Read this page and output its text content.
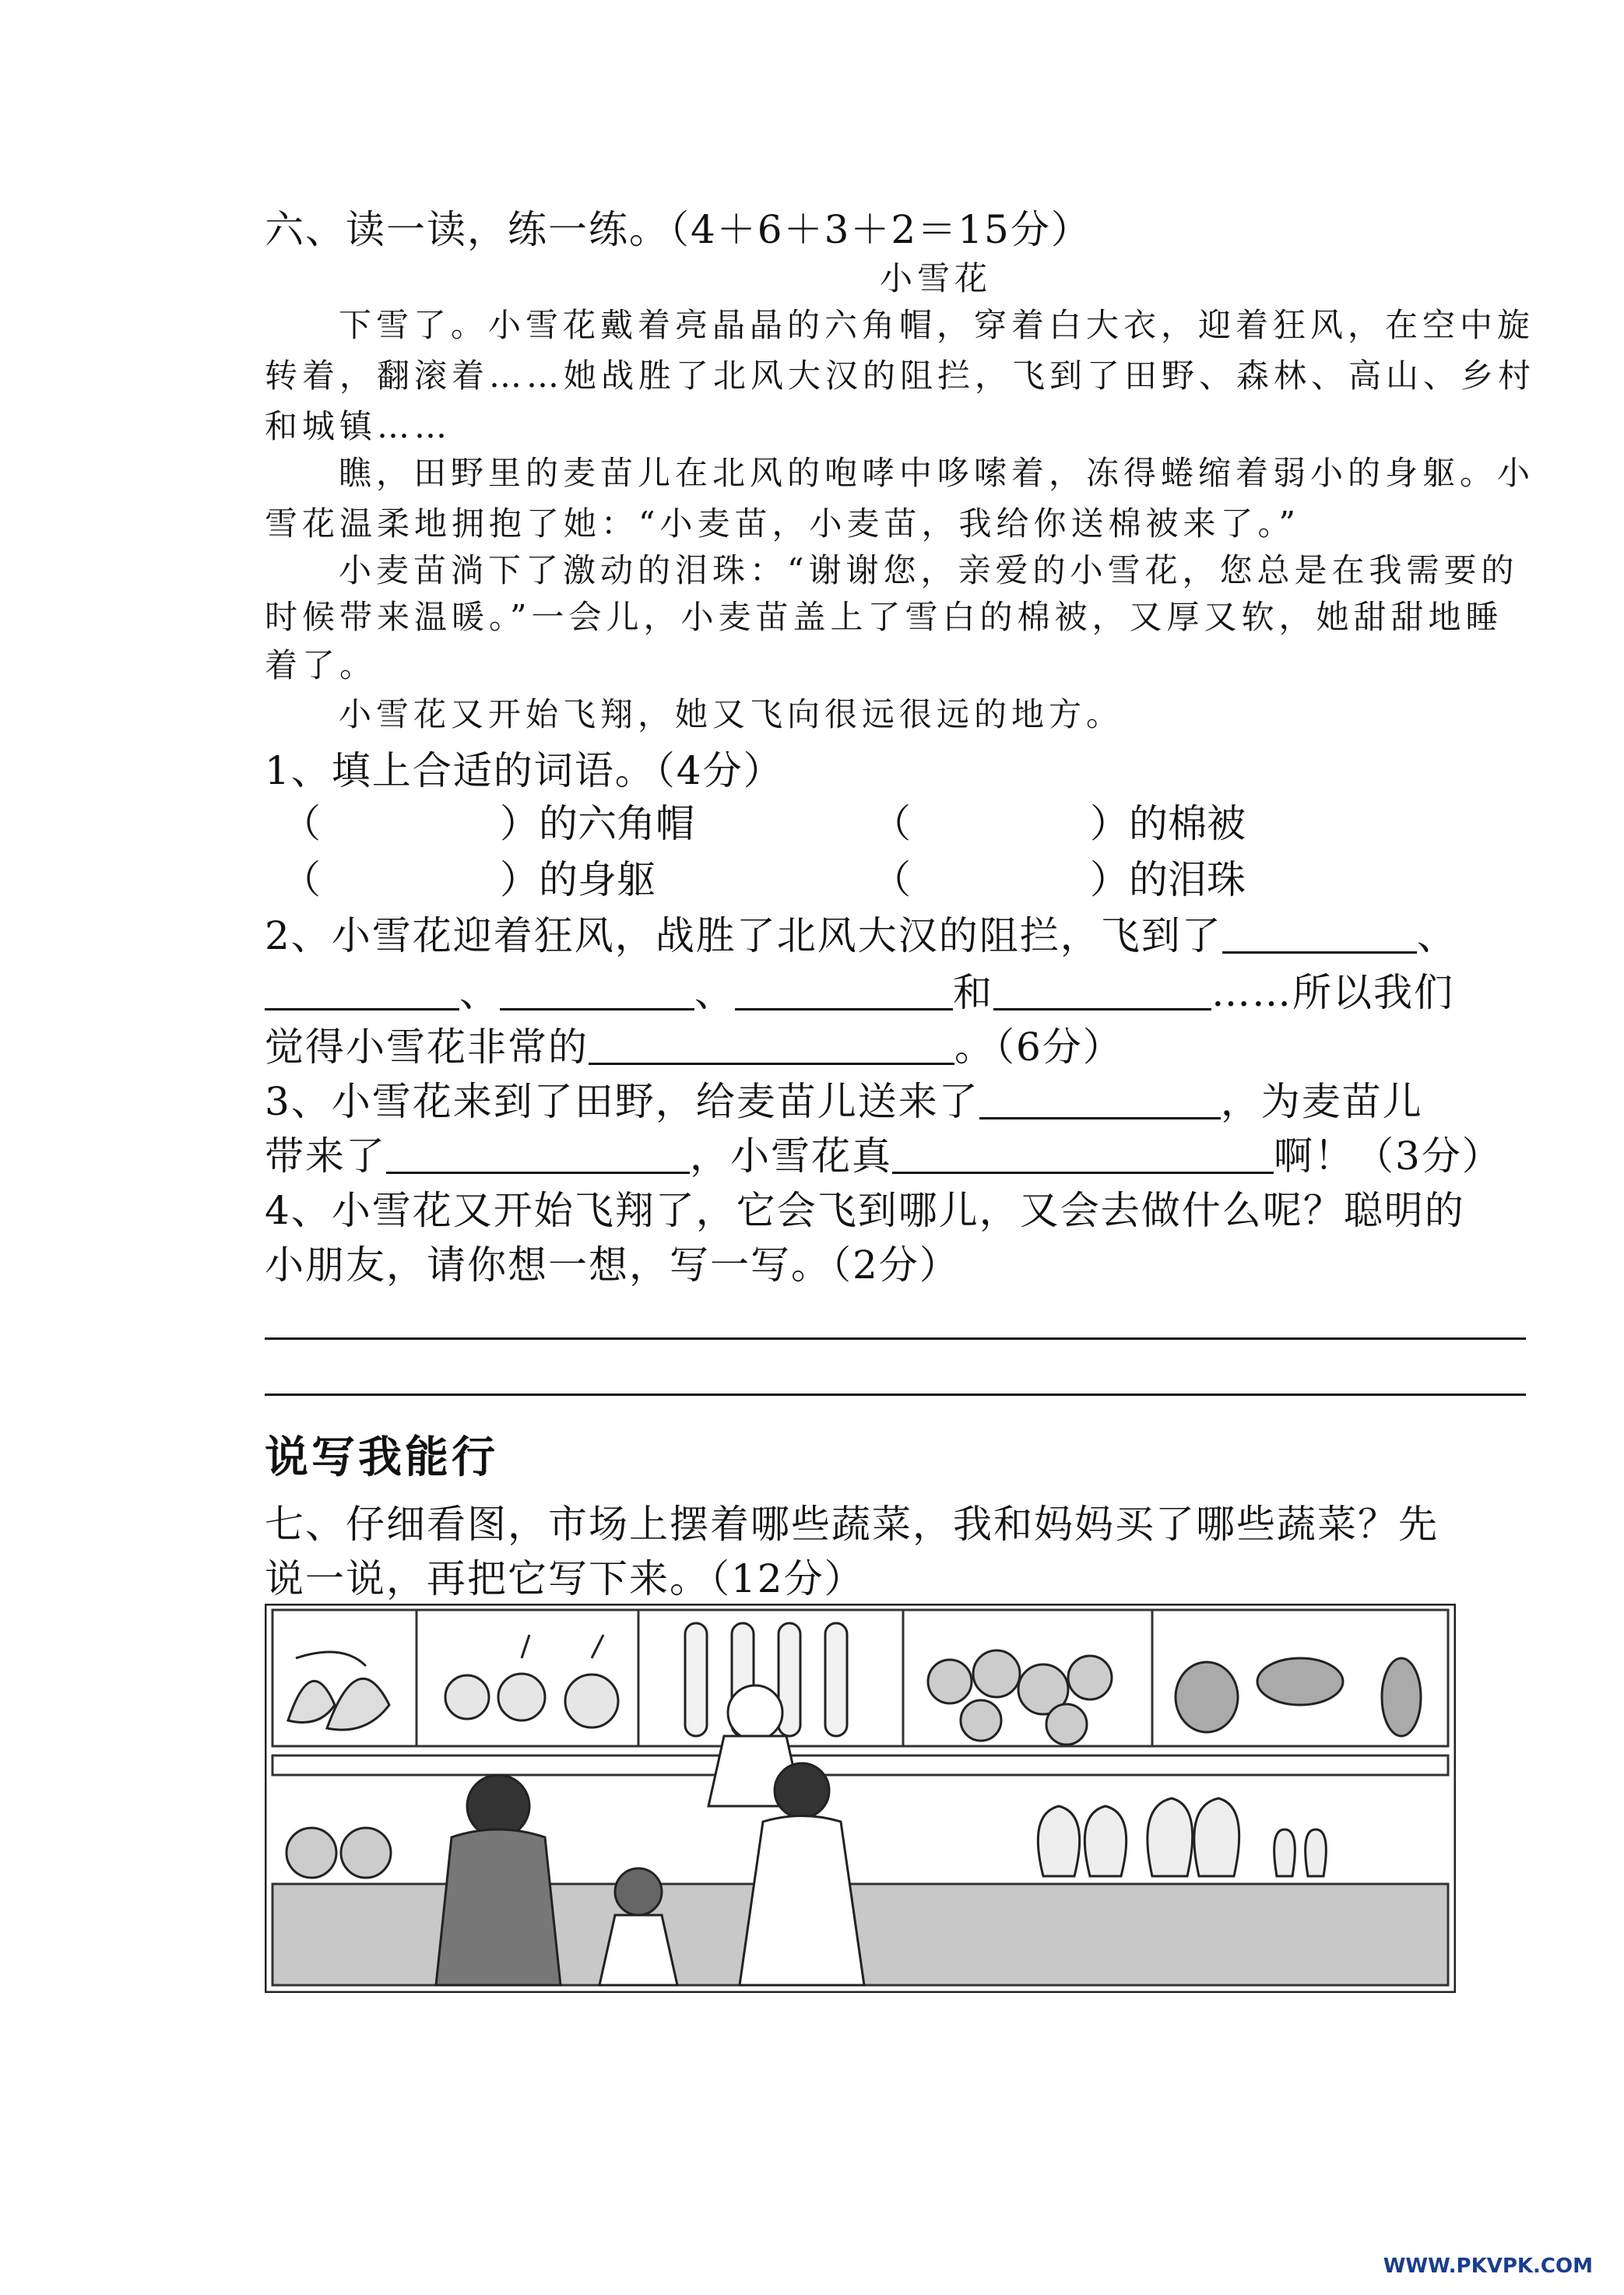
六、读一读，练一练。（4＋6＋3＋2＝15分）
小雪花
下雪了。小雪花戴着亮晶晶的六角帽，穿着白大衣，迎着狂风，在空中旋
转着，翻滚着……她战胜了北风大汉的阻拦，飞到了田野、森林、高山、乡村
和城镇……
瞧，田野里的麦苗儿在北风的咆哮中哆嗦着，冻得蜷缩着弱小的身躯。小
雪花温柔地拥抱了她：“小麦苗，小麦苗，我给你送棉被来了。”
小麦苗淌下了激动的泪珠：“谢谢您，亲爱的小雪花，您总是在我需要的
时候带来温暖。”一会儿，小麦苗盖上了雪白的棉被，又厚又软，她甜甜地睡
着了。
小雪花又开始飞翔，她又飞向很远很远的地方。
1、填上合适的词语。（4分）
（	）的六角帽	（	）的棉被
（	）的身躯	（	）的泪珠
2、小雪花迎着狂风，战胜了北风大汉的阻拦，飞到了	、
、	、	和	……所以我们
觉得小雪花非常的	。（6分）
3、小雪花来到了田野，给麦苗儿送来了	，为麦苗儿
带来了	，小雪花真	啊！（3分）
4、小雪花又开始飞翔了，它会飞到哪儿，又会去做什么呢？聪明的
小朋友，请你想一想，写一写。（2分）
说写我能行
七、仔细看图，市场上摆着哪些蔬菜，我和妈妈买了哪些蔬菜？先
说一说，再把它写下来。（12分）
WWW.PKVPK.COM
